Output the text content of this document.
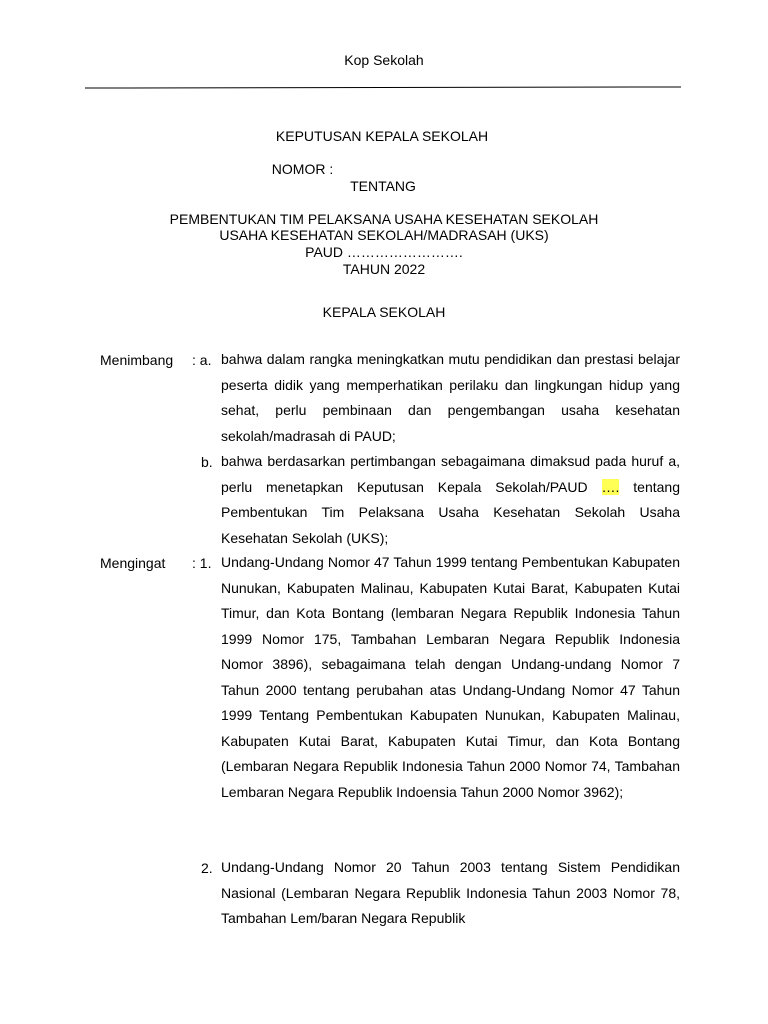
Kop Sekolah
KEPUTUSAN KEPALA SEKOLAH

NOMOR :

TENTANG
PEMBENTUKAN TIM PELAKSANA USAHA KESEHATAN SEKOLAH
USAHA KESEHATAN SEKOLAH/MADRASAH (UKS)
PAUD …………………….
TAHUN 2022
KEPALA SEKOLAH
Menimbang : a. bahwa dalam rangka meningkatkan mutu pendidikan dan prestasi belajar peserta didik yang memperhatikan perilaku dan lingkungan hidup yang sehat, perlu pembinaan dan pengembangan usaha kesehatan sekolah/madrasah di PAUD;
b. bahwa berdasarkan pertimbangan sebagaimana dimaksud pada huruf a, perlu menetapkan Keputusan Kepala Sekolah/PAUD …. tentang Pembentukan Tim Pelaksana Usaha Kesehatan Sekolah Usaha Kesehatan Sekolah (UKS);
Mengingat : 1. Undang-Undang Nomor 47 Tahun 1999 tentang Pembentukan Kabupaten Nunukan, Kabupaten Malinau, Kabupaten Kutai Barat, Kabupaten Kutai Timur, dan Kota Bontang (lembaran Negara Republik Indonesia Tahun 1999 Nomor 175, Tambahan Lembaran Negara Republik Indonesia Nomor 3896), sebagaimana telah dengan Undang-undang Nomor 7 Tahun 2000 tentang perubahan atas Undang-Undang Nomor 47 Tahun 1999 Tentang Pembentukan Kabupaten Nunukan, Kabupaten Malinau, Kabupaten Kutai Barat, Kabupaten Kutai Timur, dan Kota Bontang (Lembaran Negara Republik Indonesia Tahun 2000 Nomor 74, Tambahan Lembaran Negara Republik Indoensia Tahun 2000 Nomor 3962);
2. Undang-Undang Nomor 20 Tahun 2003 tentang Sistem Pendidikan Nasional (Lembaran Negara Republik Indonesia Tahun 2003 Nomor 78, Tambahan Lem/baran Negara Republik
